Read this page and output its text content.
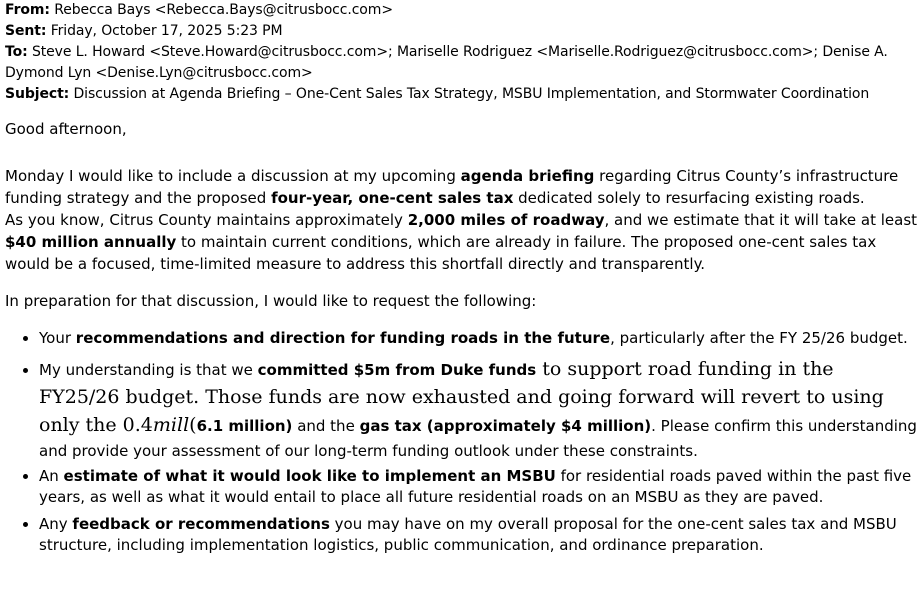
From: Rebecca Bays <Rebecca.Bays@citrusbocc.com>

Sent: Friday, October 17, 2025 5:23 PM

To: Steve L. Howard <Steve.Howard@citrusbocc.com>; Mariselle Rodriguez <Mariselle.Rodriguez@citrusbocc.com>; Denise A. Dymond Lyn <Denise.Lyn@citrusbocc.com>

Subject: Discussion at Agenda Briefing – One-Cent Sales Tax Strategy, MSBU Implementation, and Stormwater Coordination

Good afternoon,

Monday I would like to include a discussion at my upcoming agenda briefing regarding Citrus County’s infrastructure funding strategy and the proposed four-year, one-cent sales tax dedicated solely to resurfacing existing roads.
As you know, Citrus County maintains approximately 2,000 miles of roadway, and we estimate that it will take at least $40 million annually to maintain current conditions, which are already in failure. The proposed one-cent sales tax would be a focused, time-limited measure to address this shortfall directly and transparently.

In preparation for that discussion, I would like to request the following:

• Your recommendations and direction for funding roads in the future, particularly after the FY 25/26 budget.
• My understanding is that we committed $5m from Duke funds to support road funding in the FY25/26 budget. Those funds are now exhausted and going forward will revert to using only the 0.4mill(6.1 million) and the gas tax (approximately $4 million). Please confirm this understanding and provide your assessment of our long-term funding outlook under these constraints.
• An estimate of what it would look like to implement an MSBU for residential roads paved within the past five years, as well as what it would entail to place all future residential roads on an MSBU as they are paved.
• Any feedback or recommendations you may have on my overall proposal for the one-cent sales tax and MSBU structure, including implementation logistics, public communication, and ordinance preparation.
